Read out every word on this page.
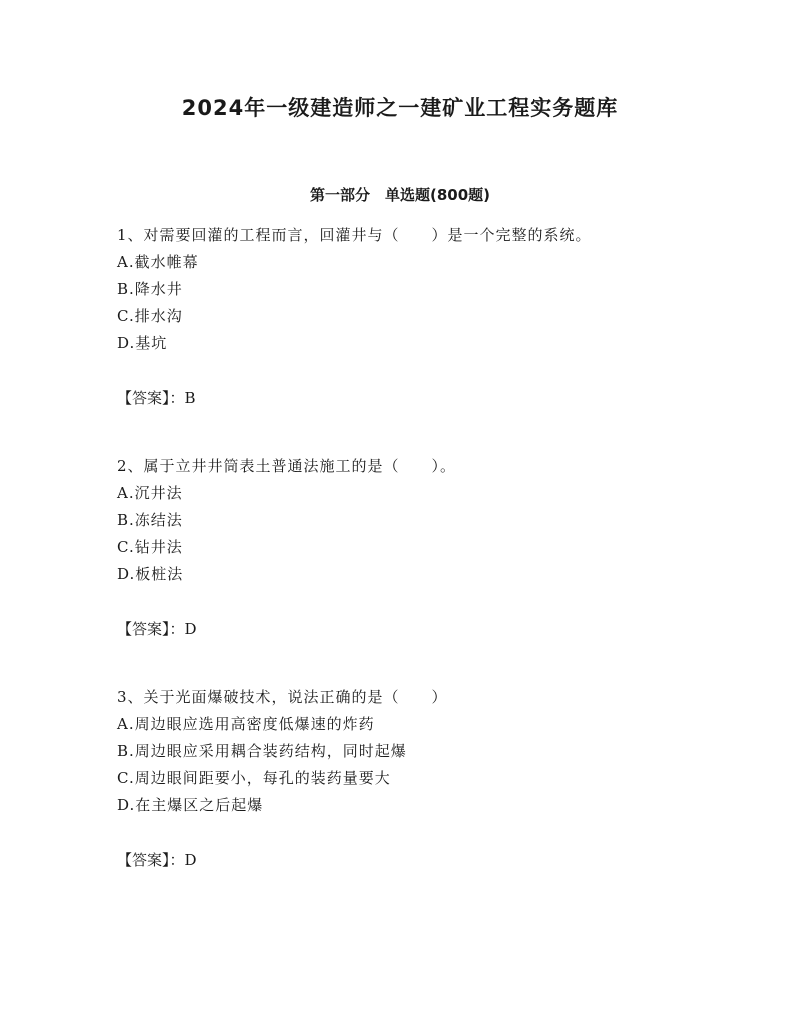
2024年一级建造师之一建矿业工程实务题库
第一部分　单选题(800题)
1、对需要回灌的工程而言，回灌井与（　　）是一个完整的系统。
A.截水帷幕
B.降水井
C.排水沟
D.基坑
【答案】：B
2、属于立井井筒表土普通法施工的是（　　）。
A.沉井法
B.冻结法
C.钻井法
D.板桩法
【答案】：D
3、关于光面爆破技术，说法正确的是（　　）
A.周边眼应选用高密度低爆速的炸药
B.周边眼应采用耦合装药结构，同时起爆
C.周边眼间距要小，每孔的装药量要大
D.在主爆区之后起爆
【答案】：D
